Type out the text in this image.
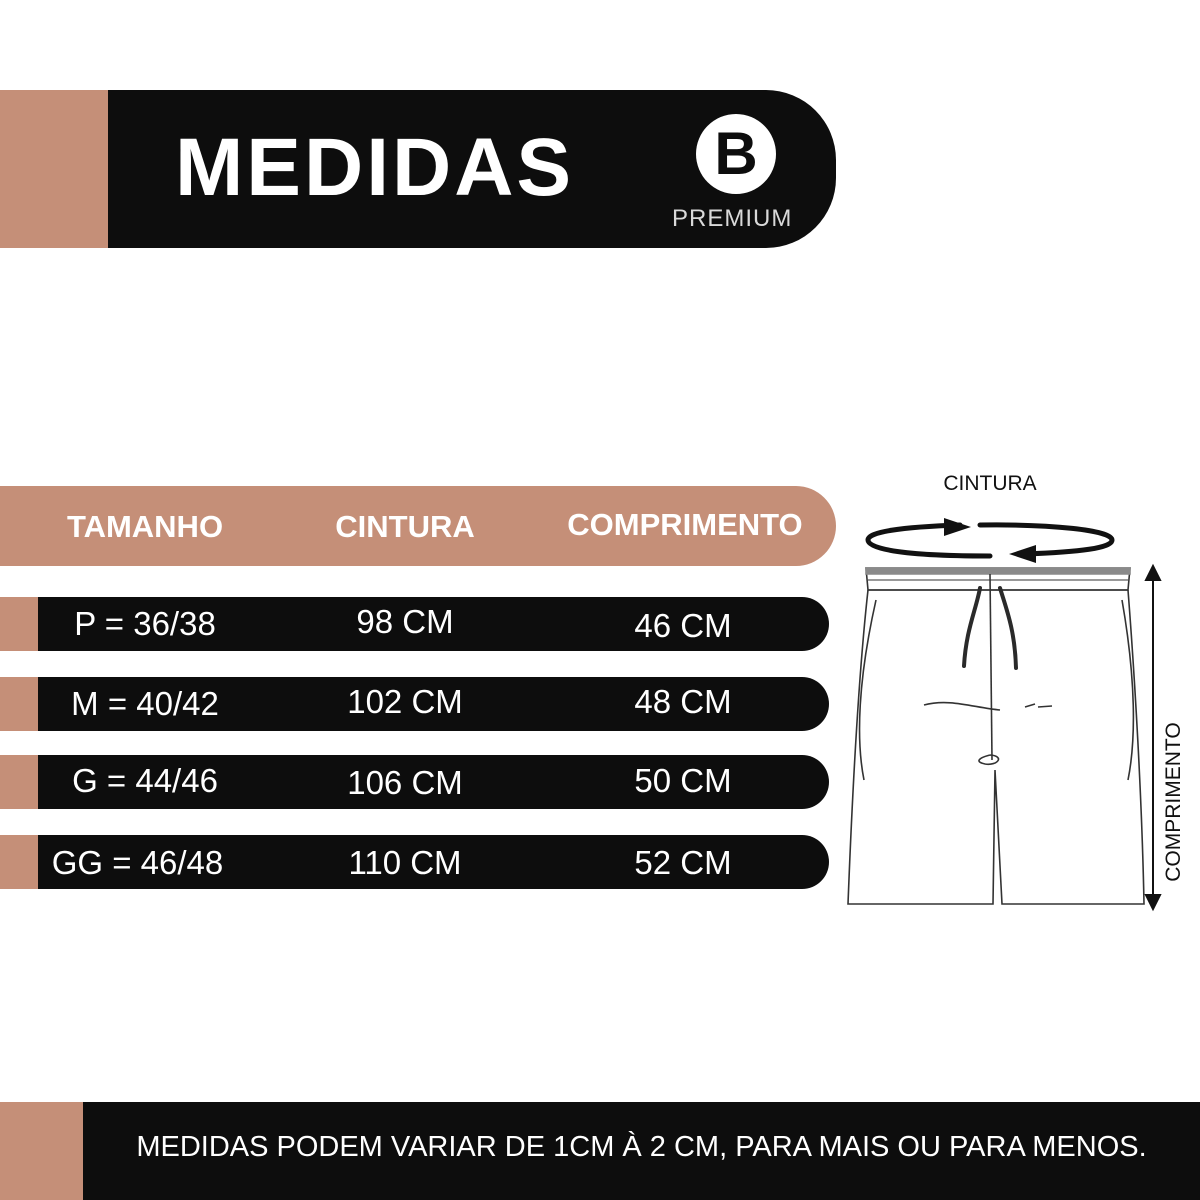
MEDIDAS	B
PREMIUM
TAMANHO	CINTURA	COMPRIMENTO
P = 36/38	98 CM	46 CM
M = 40/42	102 CM	48 CM
G = 44/46	106 CM	50 CM
GG = 46/48	110 CM	52 CM
CINTURA
COMPRIMENTO
MEDIDAS PODEM VARIAR DE 1CM À 2 CM, PARA MAIS OU PARA MENOS.
